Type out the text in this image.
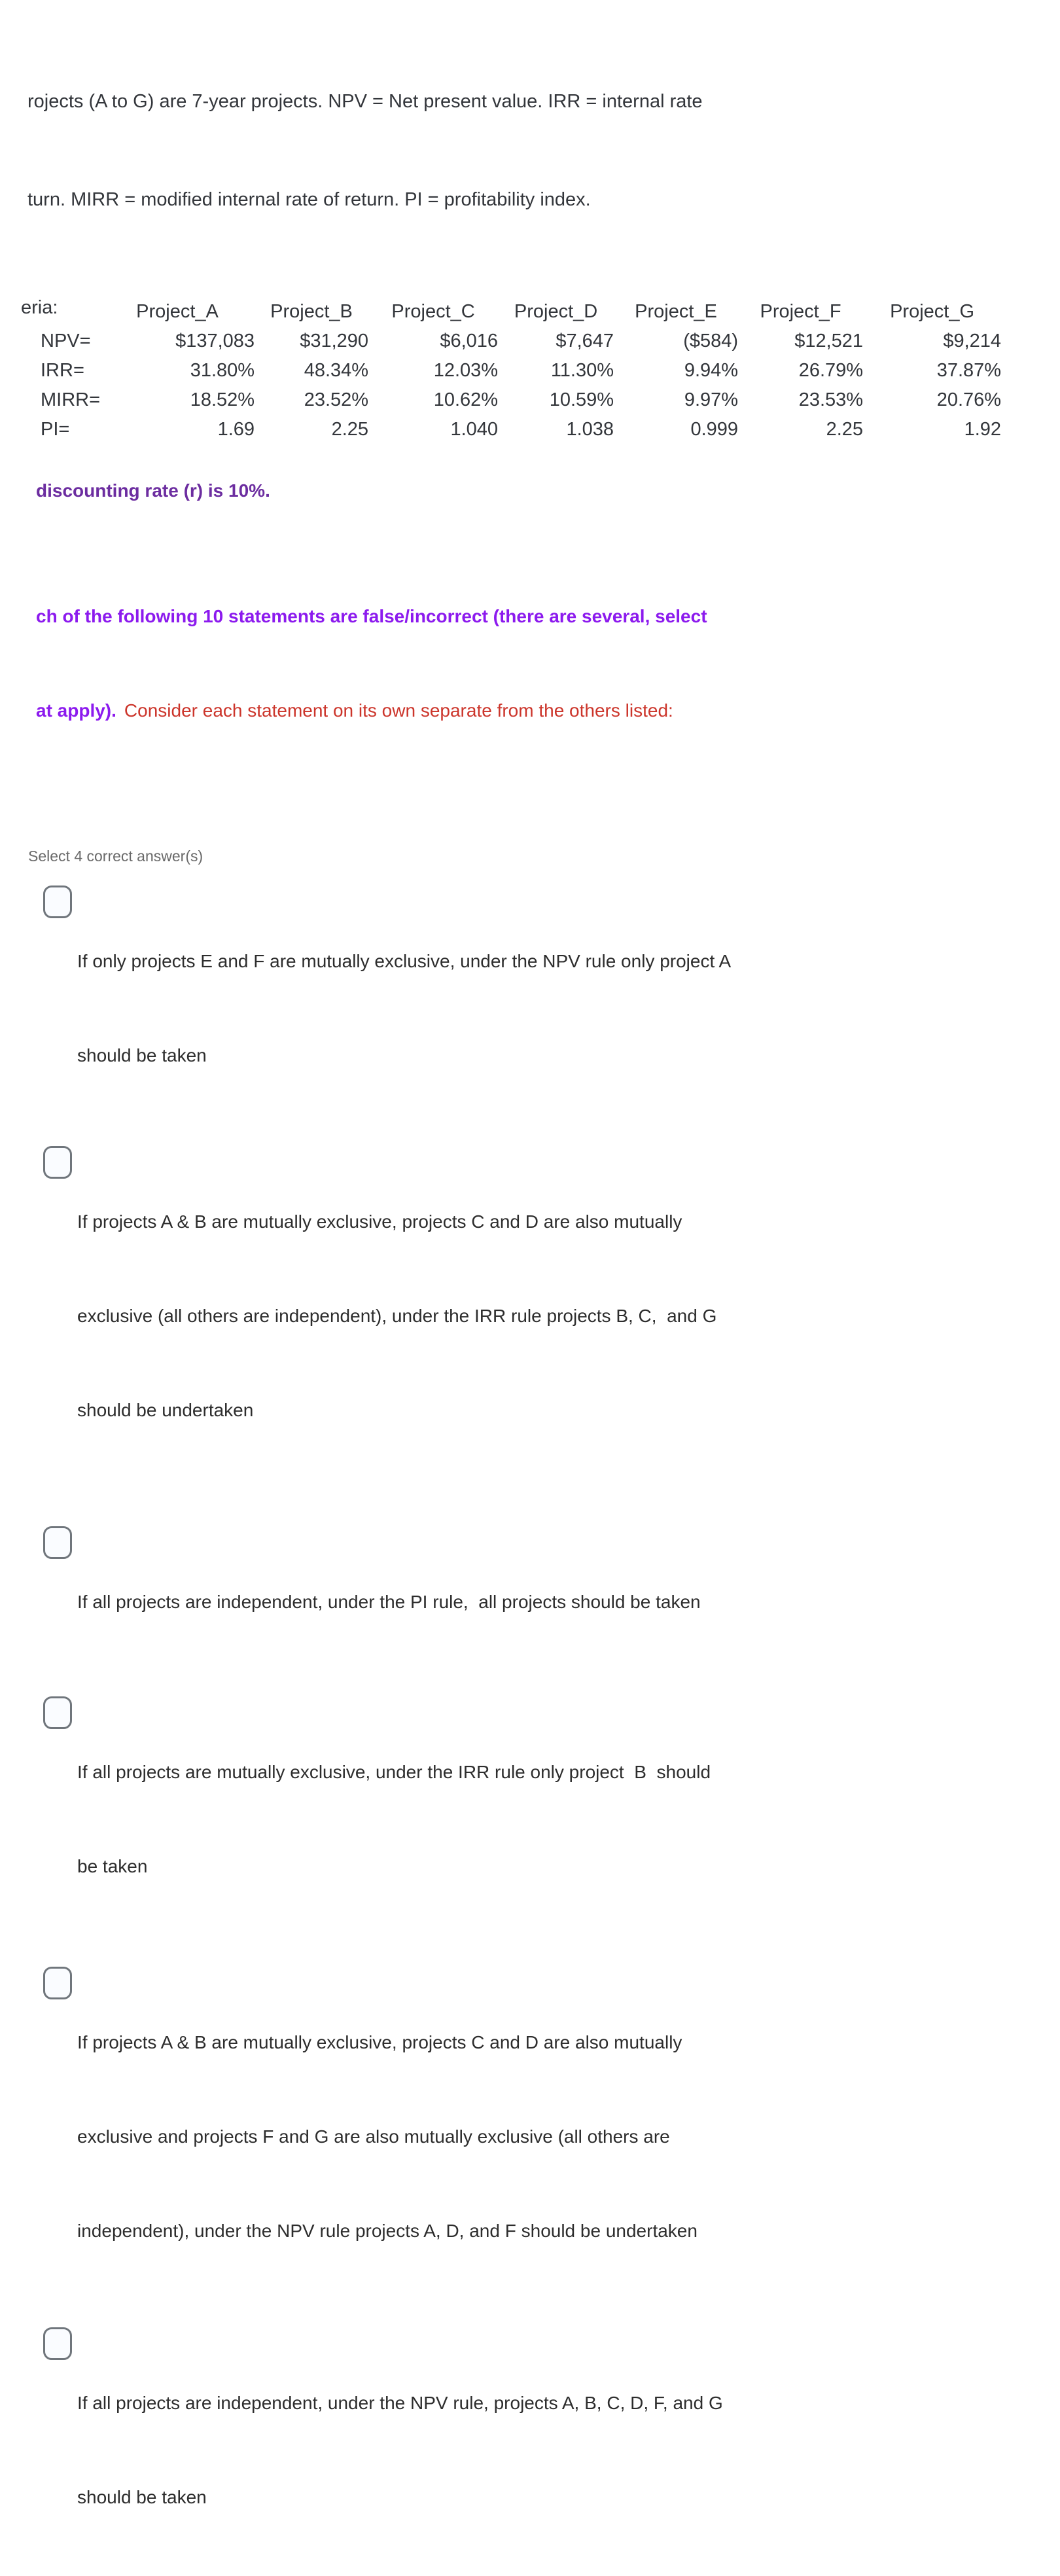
rojects (A to G) are 7-year projects. NPV = Net present value. IRR = internal rate

turn. MIRR = modified internal rate of return. PI = profitability index.

eria:
		Project_A	Project_B	Project_C	Project_D	Project_E	Project_F	Project_G
NPV=	$137,083	$31,290	$6,016	$7,647	($584)	$12,521	$9,214
IRR=	31.80%	48.34%	12.03%	11.30%	9.94%	26.79%	37.87%
MIRR=	18.52%	23.52%	10.62%	10.59%	9.97%	23.53%	20.76%
PI=	1.69	2.25	1.040	1.038	0.999	2.25	1.92
discounting rate (r) is 10%.

ch of the following 10 statements are false/incorrect (there are several, select

at apply). Consider each statement on its own separate from the others listed:

Select 4 correct answer(s)

If only projects E and F are mutually exclusive, under the NPV rule only project A

should be taken

If projects A & B are mutually exclusive, projects C and D are also mutually

exclusive (all others are independent), under the IRR rule projects B, C,  and G

should be undertaken

If all projects are independent, under the PI rule,  all projects should be taken

If all projects are mutually exclusive, under the IRR rule only project  B  should

be taken

If projects A & B are mutually exclusive, projects C and D are also mutually

exclusive and projects F and G are also mutually exclusive (all others are

independent), under the NPV rule projects A, D, and F should be undertaken

If all projects are independent, under the NPV rule, projects A, B, C, D, F, and G

should be taken
